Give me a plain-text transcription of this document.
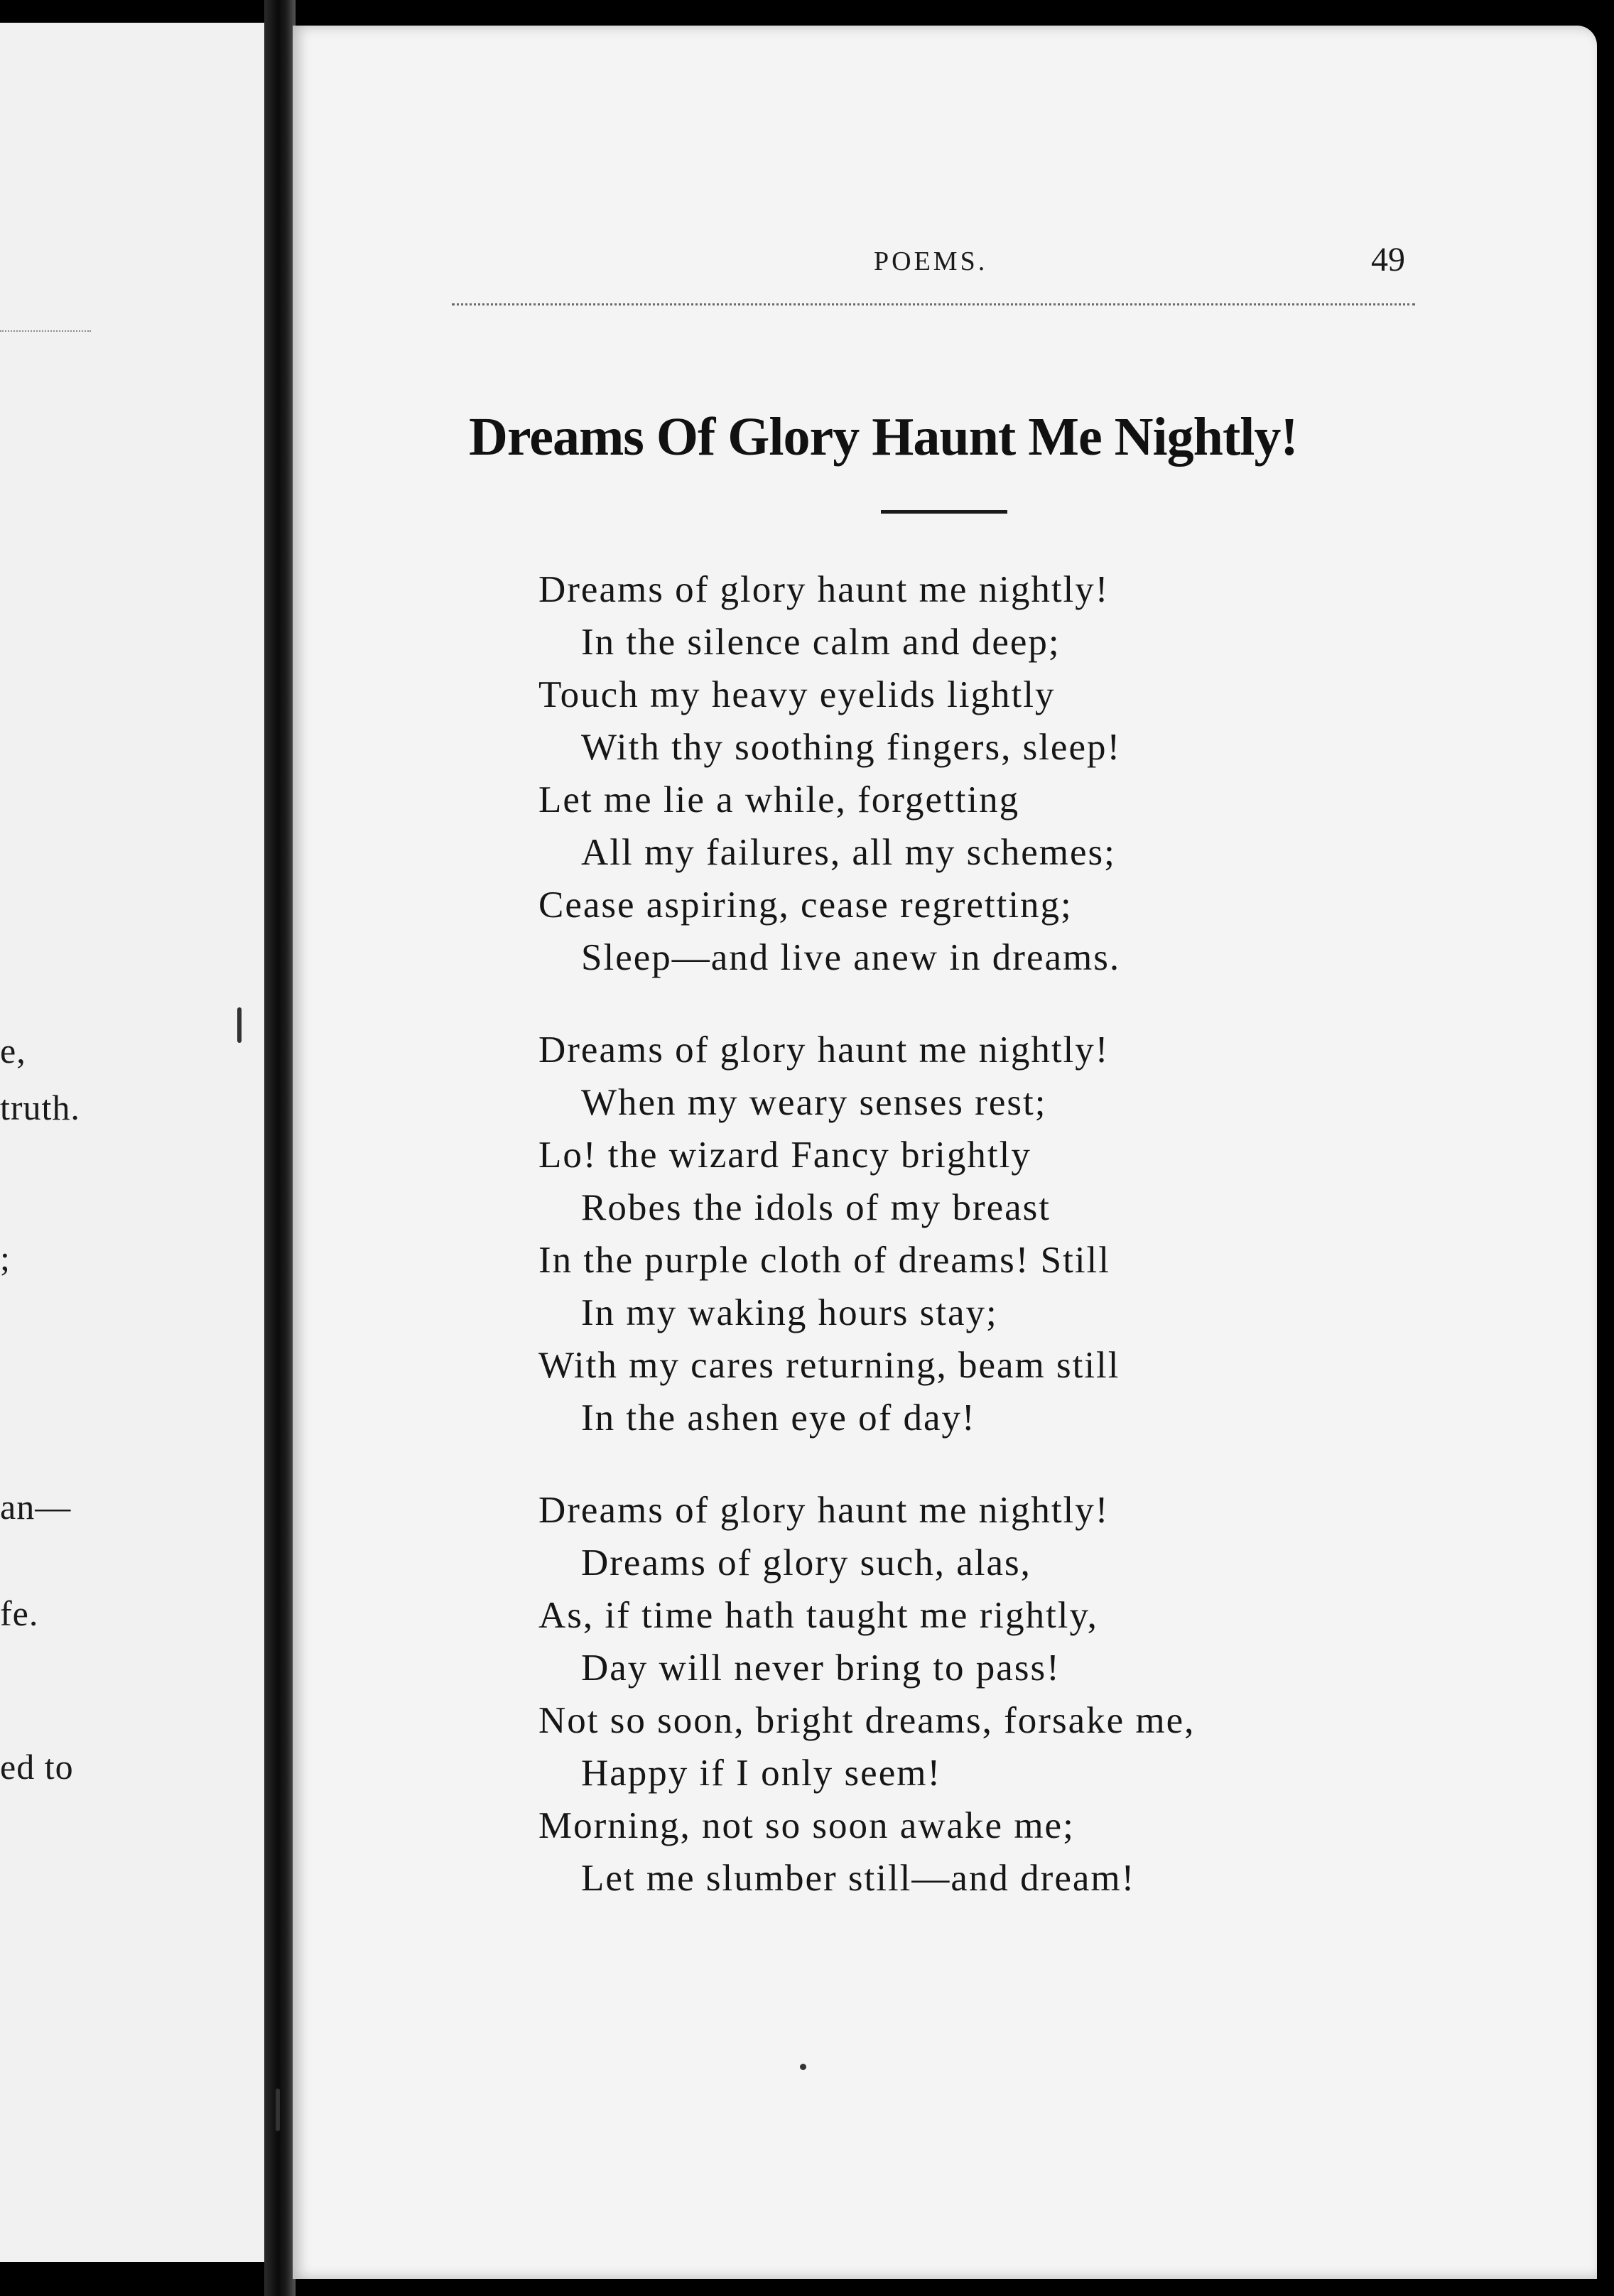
e,
truth.
;
an—
fe.
ed to
POEMS.	49
Dreams Of Glory Haunt Me Nightly!
Dreams of glory haunt me nightly!
In the silence calm and deep;
Touch my heavy eyelids lightly
With thy soothing fingers, sleep!
Let me lie a while, forgetting
All my failures, all my schemes;
Cease aspiring, cease regretting;
Sleep—and live anew in dreams.
Dreams of glory haunt me nightly!
When my weary senses rest;
Lo! the wizard Fancy brightly
Robes the idols of my breast
In the purple cloth of dreams! Still
In my waking hours stay;
With my cares returning, beam still
In the ashen eye of day!
Dreams of glory haunt me nightly!
Dreams of glory such, alas,
As, if time hath taught me rightly,
Day will never bring to pass!
Not so soon, bright dreams, forsake me,
Happy if I only seem!
Morning, not so soon awake me;
Let me slumber still—and dream!
